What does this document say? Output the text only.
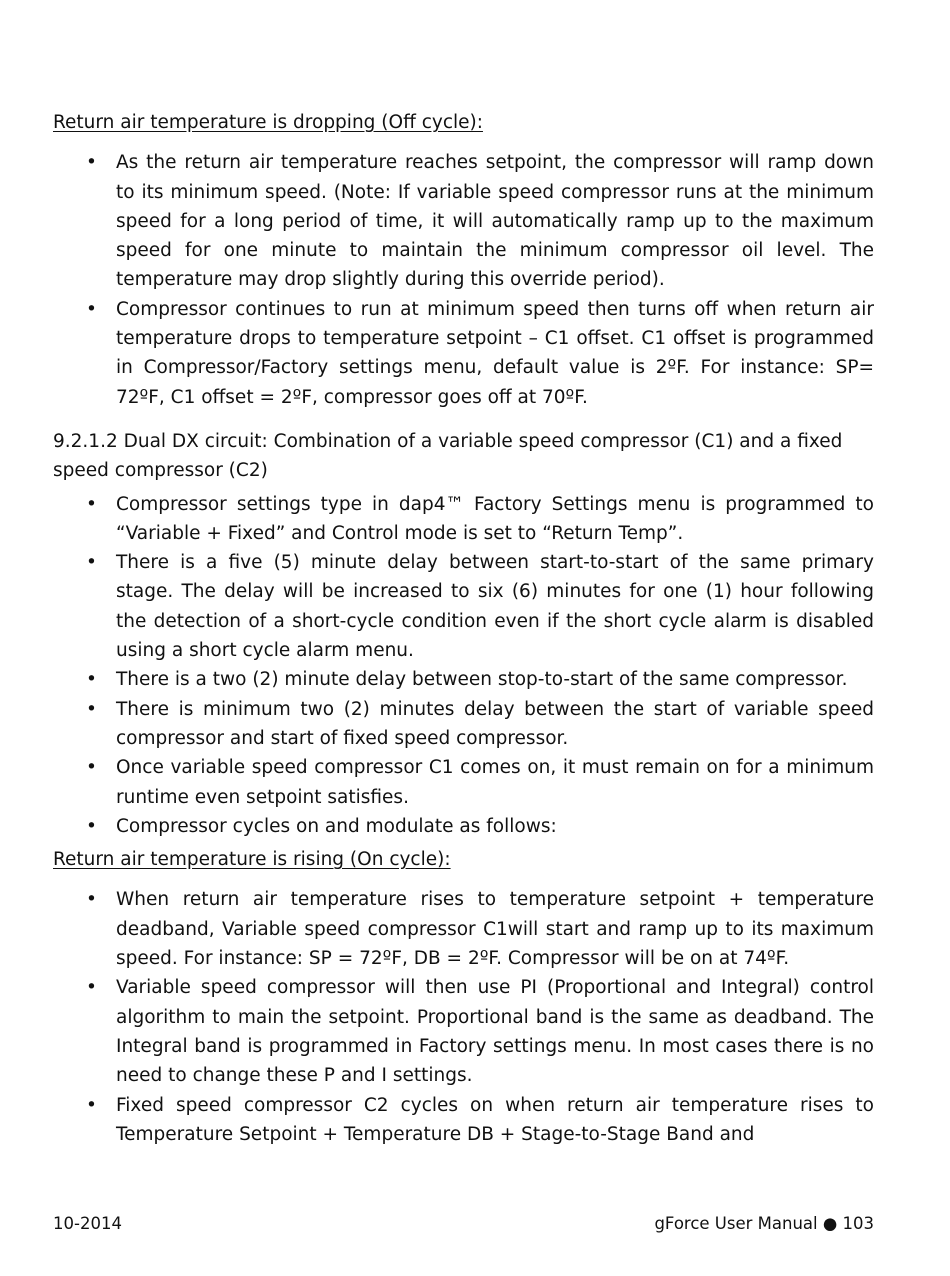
Return air temperature is dropping (Off cycle):

• As the return air temperature reaches setpoint, the compressor will ramp down to its minimum speed. (Note: If variable speed compressor runs at the minimum speed for a long period of time, it will automatically ramp up to the maximum speed for one minute to maintain the minimum compressor oil level. The temperature may drop slightly during this override period).
• Compressor continues to run at minimum speed then turns off when return air temperature drops to temperature setpoint – C1 offset. C1 offset is programmed in Compressor/Factory settings menu, default value is 2ºF. For instance: SP= 72ºF, C1 offset = 2ºF, compressor goes off at 70ºF.

9.2.1.2 Dual DX circuit: Combination of a variable speed compressor (C1) and a fixed speed compressor (C2)

• Compressor settings type in dap4™ Factory Settings menu is programmed to “Variable + Fixed” and Control mode is set to “Return Temp”.
• There is a five (5) minute delay between start-to-start of the same primary stage. The delay will be increased to six (6) minutes for one (1) hour following the detection of a short-cycle condition even if the short cycle alarm is disabled using a short cycle alarm menu.
• There is a two (2) minute delay between stop-to-start of the same compressor.
• There is minimum two (2) minutes delay between the start of variable speed compressor and start of fixed speed compressor.
• Once variable speed compressor C1 comes on, it must remain on for a minimum runtime even setpoint satisfies.
• Compressor cycles on and modulate as follows:

Return air temperature is rising (On cycle):

• When return air temperature rises to temperature setpoint + temperature deadband, Variable speed compressor C1will start and ramp up to its maximum speed. For instance: SP = 72ºF, DB = 2ºF. Compressor will be on at 74ºF.
• Variable speed compressor will then use PI (Proportional and Integral) control algorithm to main the setpoint. Proportional band is the same as deadband. The Integral band is programmed in Factory settings menu. In most cases there is no need to change these P and I settings.
• Fixed speed compressor C2 cycles on when return air temperature rises to Temperature Setpoint + Temperature DB + Stage-to-Stage Band and
10-2014	gForce User Manual ● 103
